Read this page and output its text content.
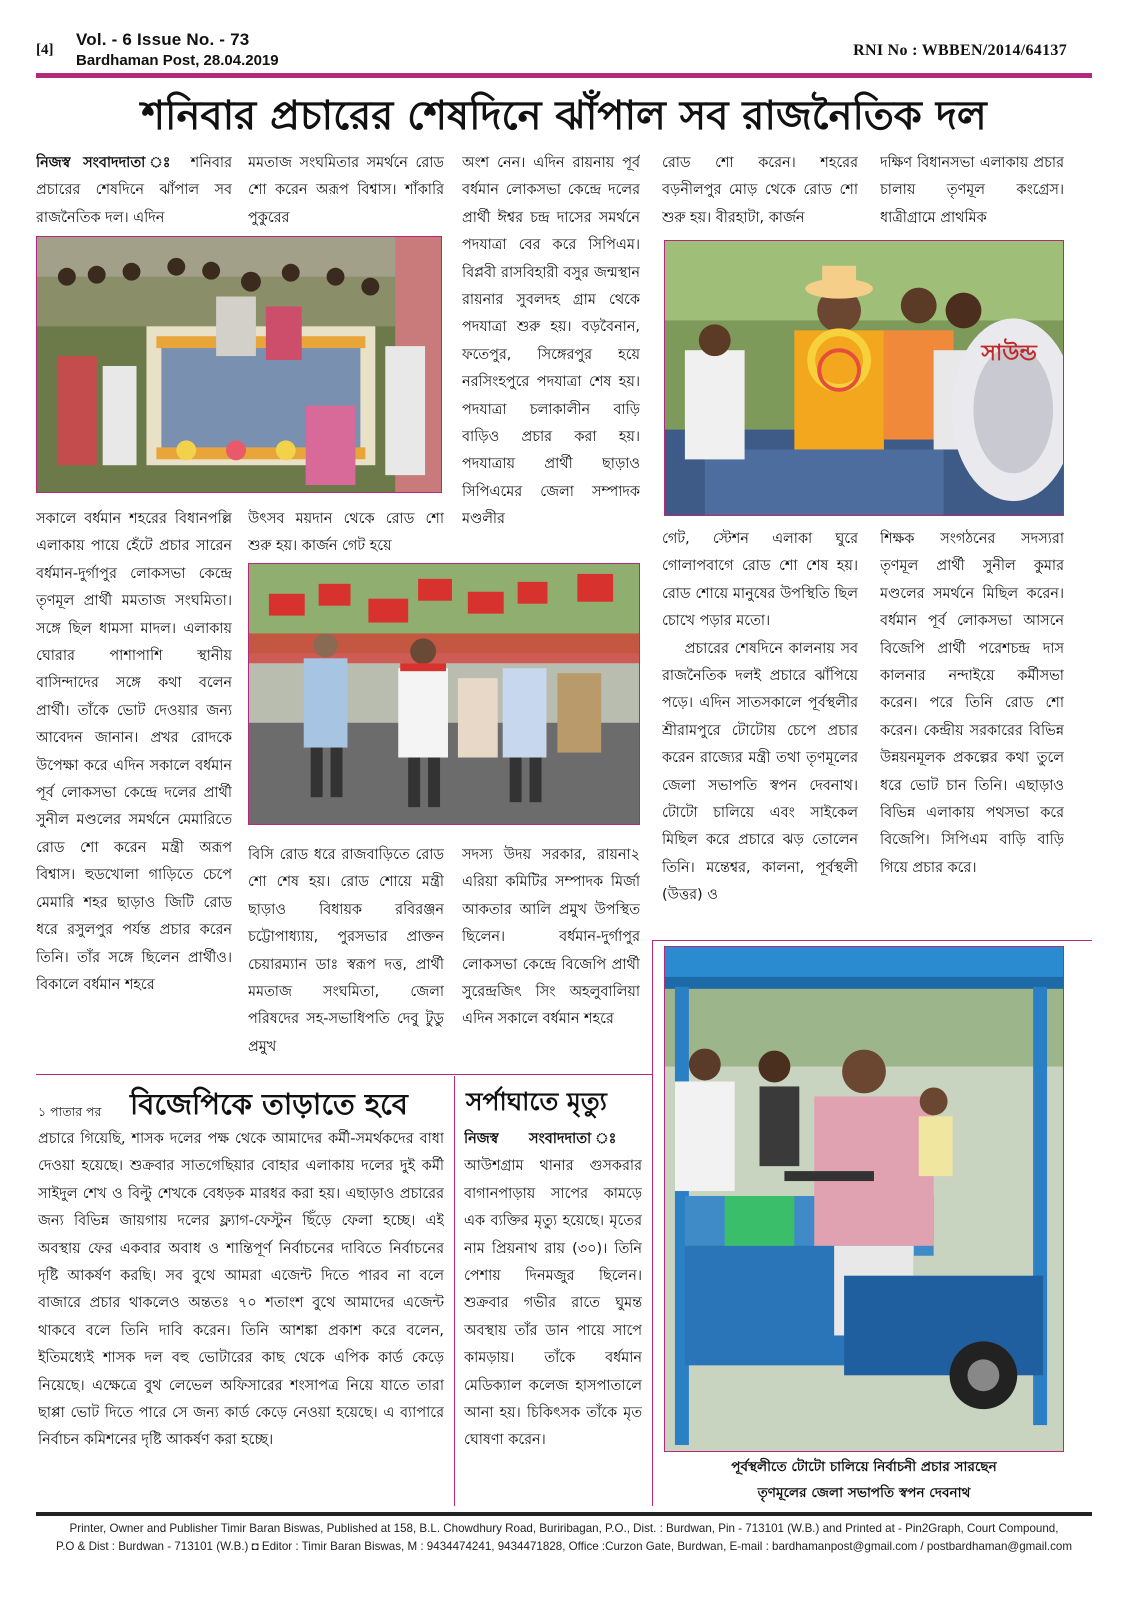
[4]
Vol. - 6 Issue No. - 73
Bardhaman Post, 28.04.2019
RNI No : WBBEN/2014/64137
শনিবার প্রচারের শেষদিনে ঝাঁপাল সব রাজনৈতিক দল
নিজস্ব সংবাদদাতা ঃ শনিবার প্রচারের শেষদিনে ঝাঁপাল সব রাজনৈতিক দল। এদিন
মমতাজ সংঘমিতার সমর্থনে রোড শো করেন অরূপ বিশ্বাস। শাঁকারি পুকুরের
অংশ নেন। এদিন রায়নায় পূর্ব বর্ধমান লোকসভা কেন্দ্রে দলের প্রার্থী ঈশ্বর চন্দ্র দাসের সমর্থনে পদযাত্রা বের করে সিপিএম। বিপ্লবী রাসবিহারী বসুর জন্মস্থান রায়নার সুবলদহ গ্রাম থেকে পদযাত্রা শুরু হয়। বড়বৈনান, ফতেপুর, সিঙ্গেরপুর হয়ে নরসিংহপুরে পদযাত্রা শেষ হয়। পদযাত্রা চলাকালীন বাড়ি বাড়িও প্রচার করা হয়। পদযাত্রায় প্রার্থী ছাড়াও সিপিএমের জেলা সম্পাদক মণ্ডলীর
রোড শো করেন। শহরের বড়নীলপুর মোড় থেকে রোড শো শুরু হয়। বীরহাটা, কার্জন
দক্ষিণ বিধানসভা এলাকায় প্রচার চালায় তৃণমূল কংগ্রেস। ধাত্রীগ্রামে প্রাথমিক
সাউন্ড
সকালে বর্ধমান শহরের বিধানপল্লি এলাকায় পায়ে হেঁটে প্রচার সারেন বর্ধমান-দুর্গাপুর লোকসভা কেন্দ্রে তৃণমূল প্রার্থী মমতাজ সংঘমিতা। সঙ্গে ছিল ধামসা মাদল। এলাকায় ঘোরার পাশাপাশি স্থানীয় বাসিন্দাদের সঙ্গে কথা বলেন প্রার্থী। তাঁকে ভোট দেওয়ার জন্য আবেদন জানান। প্রখর রোদকে উপেক্ষা করে এদিন সকালে বর্ধমান পূর্ব লোকসভা কেন্দ্রে দলের প্রার্থী সুনীল মণ্ডলের সমর্থনে মেমারিতে রোড শো করেন মন্ত্রী অরূপ বিশ্বাস। হুডখোলা গাড়িতে চেপে মেমারি শহর ছাড়াও জিটি রোড ধরে রসুলপুর পর্যন্ত প্রচার করেন তিনি। তাঁর সঙ্গে ছিলেন প্রার্থীও। বিকালে বর্ধমান শহরে
উৎসব ময়দান থেকে রোড শো শুরু হয়। কার্জন গেট হয়ে
বিসি রোড ধরে রাজবাড়িতে রোড শো শেষ হয়। রোড শোয়ে মন্ত্রী ছাড়াও বিধায়ক রবিরঞ্জন চট্টোপাধ্যায়, পুরসভার প্রাক্তন চেয়ারম্যান ডাঃ স্বরূপ দত্ত, প্রার্থী মমতাজ সংঘমিতা, জেলা পরিষদের সহ-সভাধিপতি দেবু টুডু প্রমুখ
সদস্য উদয় সরকার, রায়না২ এরিয়া কমিটির সম্পাদক মির্জা আকতার আলি প্রমুখ উপস্থিত ছিলেন। বর্ধমান-দুর্গাপুর লোকসভা কেন্দ্রে বিজেপি প্রার্থী সুরেন্দ্রজিৎ সিং অহলুবালিয়া এদিন সকালে বর্ধমান শহরে
গেট, স্টেশন এলাকা ঘুরে গোলাপবাগে রোড শো শেষ হয়। রোড শোয়ে মানুষের উপস্থিতি ছিল চোখে পড়ার মতো।
প্রচারের শেষদিনে কালনায় সব রাজনৈতিক দলই প্রচারে ঝাঁপিয়ে পড়ে। এদিন সাতসকালে পূর্বস্থলীর শ্রীরামপুরে টোটোয় চেপে প্রচার করেন রাজ্যের মন্ত্রী তথা তৃণমূলের জেলা সভাপতি স্বপন দেবনাথ। টোটো চালিয়ে এবং সাইকেল মিছিল করে প্রচারে ঝড় তোলেন তিনি। মন্তেশ্বর, কালনা, পূর্বস্থলী (উত্তর) ও
শিক্ষক সংগঠনের সদস্যরা তৃণমূল প্রার্থী সুনীল কুমার মণ্ডলের সমর্থনে মিছিল করেন। বর্ধমান পূর্ব লোকসভা আসনে বিজেপি প্রার্থী পরেশচন্দ্র দাস কালনার নন্দাইয়ে কর্মীসভা করেন। পরে তিনি রোড শো করেন। কেন্দ্রীয় সরকারের বিভিন্ন উন্নয়নমূলক প্রকল্পের কথা তুলে ধরে ভোট চান তিনি। এছাড়াও বিভিন্ন এলাকায় পথসভা করে বিজেপি। সিপিএম বাড়ি বাড়ি গিয়ে প্রচার করে।
১ পাতার পর বিজেপিকে তাড়াতে হবে
প্রচারে গিয়েছি, শাসক দলের পক্ষ থেকে আমাদের কর্মী-সমর্থকদের বাধা দেওয়া হয়েছে। শুক্রবার সাতগেছিয়ার বোহার এলাকায় দলের দুই কর্মী সাইদুল শেখ ও বিল্টু শেখকে বেধড়ক মারধর করা হয়। এছাড়াও প্রচারের জন্য বিভিন্ন জায়গায় দলের ফ্ল্যাগ-ফেস্টুন ছিঁড়ে ফেলা হচ্ছে। এই অবস্থায় ফের একবার অবাধ ও শান্তিপূর্ণ নির্বাচনের দাবিতে নির্বাচনের দৃষ্টি আকর্ষণ করছি। সব বুথে আমরা এজেন্ট দিতে পারব না বলে বাজারে প্রচার থাকলেও অন্ততঃ ৭০ শতাংশ বুথে আমাদের এজেন্ট থাকবে বলে তিনি দাবি করেন। তিনি আশঙ্কা প্রকাশ করে বলেন, ইতিমধ্যেই শাসক দল বহু ভোটারের কাছ থেকে এপিক কার্ড কেড়ে নিয়েছে। এক্ষেত্রে বুথ লেভেল অফিসারের শংসাপত্র নিয়ে যাতে তারা ছাপ্পা ভোট দিতে পারে সে জন্য কার্ড কেড়ে নেওয়া হয়েছে। এ ব্যাপারে নির্বাচন কমিশনের দৃষ্টি আকর্ষণ করা হচ্ছে।
সর্পাঘাতে মৃত্যু
নিজস্ব সংবাদদাতা ঃ আউশগ্রাম থানার গুসকরার বাগানপাড়ায় সাপের কামড়ে এক ব্যক্তির মৃত্যু হয়েছে। মৃতের নাম প্রিয়নাথ রায় (৩০)। তিনি পেশায় দিনমজুর ছিলেন। শুক্রবার গভীর রাতে ঘুমন্ত অবস্থায় তাঁর ডান পায়ে সাপে কামড়ায়। তাঁকে বর্ধমান মেডিক্যাল কলেজ হাসপাতালে আনা হয়। চিকিৎসক তাঁকে মৃত ঘোষণা করেন।
পূর্বস্থলীতে টোটো চালিয়ে নির্বাচনী প্রচার সারছেন
তৃণমূলের জেলা সভাপতি স্বপন দেবনাথ
Printer, Owner and Publisher Timir Baran Biswas, Published at 158, B.L. Chowdhury Road, Buriribagan, P.O., Dist. : Burdwan, Pin - 713101 (W.B.) and Printed at - Pin2Graph, Court Compound,
P.O & Dist : Burdwan - 713101 (W.B.) ◘ Editor : Timir Baran Biswas, M : 9434474241, 9434471828, Office :Curzon Gate, Burdwan, E-mail : bardhamanpost@gmail.com / postbardhaman@gmail.com
